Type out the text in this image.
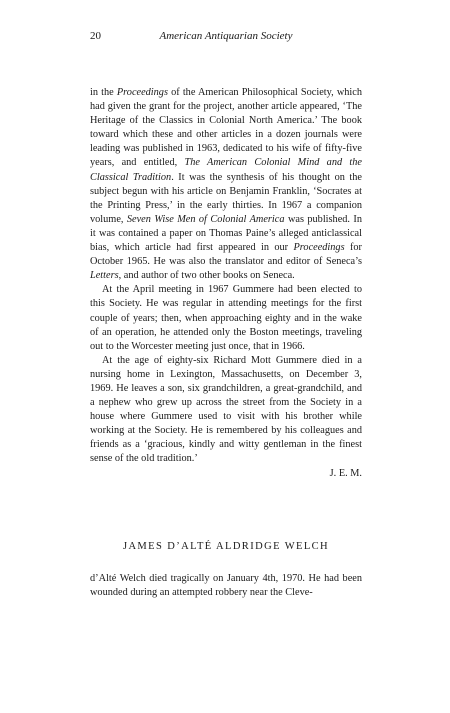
20	American Antiquarian Society

in the Proceedings of the American Philosophical Society, which had given the grant for the project, another article appeared, ‘The Heritage of the Classics in Colonial North America.’ The book toward which these and other articles in a dozen journals were leading was published in 1963, dedicated to his wife of fifty-five years, and entitled, The American Colonial Mind and the Classical Tradition. It was the synthesis of his thought on the subject begun with his article on Benjamin Franklin, ‘Socrates at the Printing Press,’ in the early thirties. In 1967 a companion volume, Seven Wise Men of Colonial America was published. In it was contained a paper on Thomas Paine’s alleged anticlassical bias, which article had first appeared in our Proceedings for October 1965. He was also the translator and editor of Seneca’s Letters, and author of two other books on Seneca.

At the April meeting in 1967 Gummere had been elected to this Society. He was regular in attending meetings for the first couple of years; then, when approaching eighty and in the wake of an operation, he attended only the Boston meetings, traveling out to the Worcester meeting just once, that in 1966.

At the age of eighty-six Richard Mott Gummere died in a nursing home in Lexington, Massachusetts, on December 3, 1969. He leaves a son, six grandchildren, a great-grandchild, and a nephew who grew up across the street from the Society in a house where Gummere used to visit with his brother while working at the Society. He is remembered by his colleagues and friends as a ‘gracious, kindly and witty gentleman in the finest sense of the old tradition.’

J. E. M.

JAMES D’ALTÉ ALDRIDGE WELCH

d’Alté Welch died tragically on January 4th, 1970. He had been wounded during an attempted robbery near the Cleve-
